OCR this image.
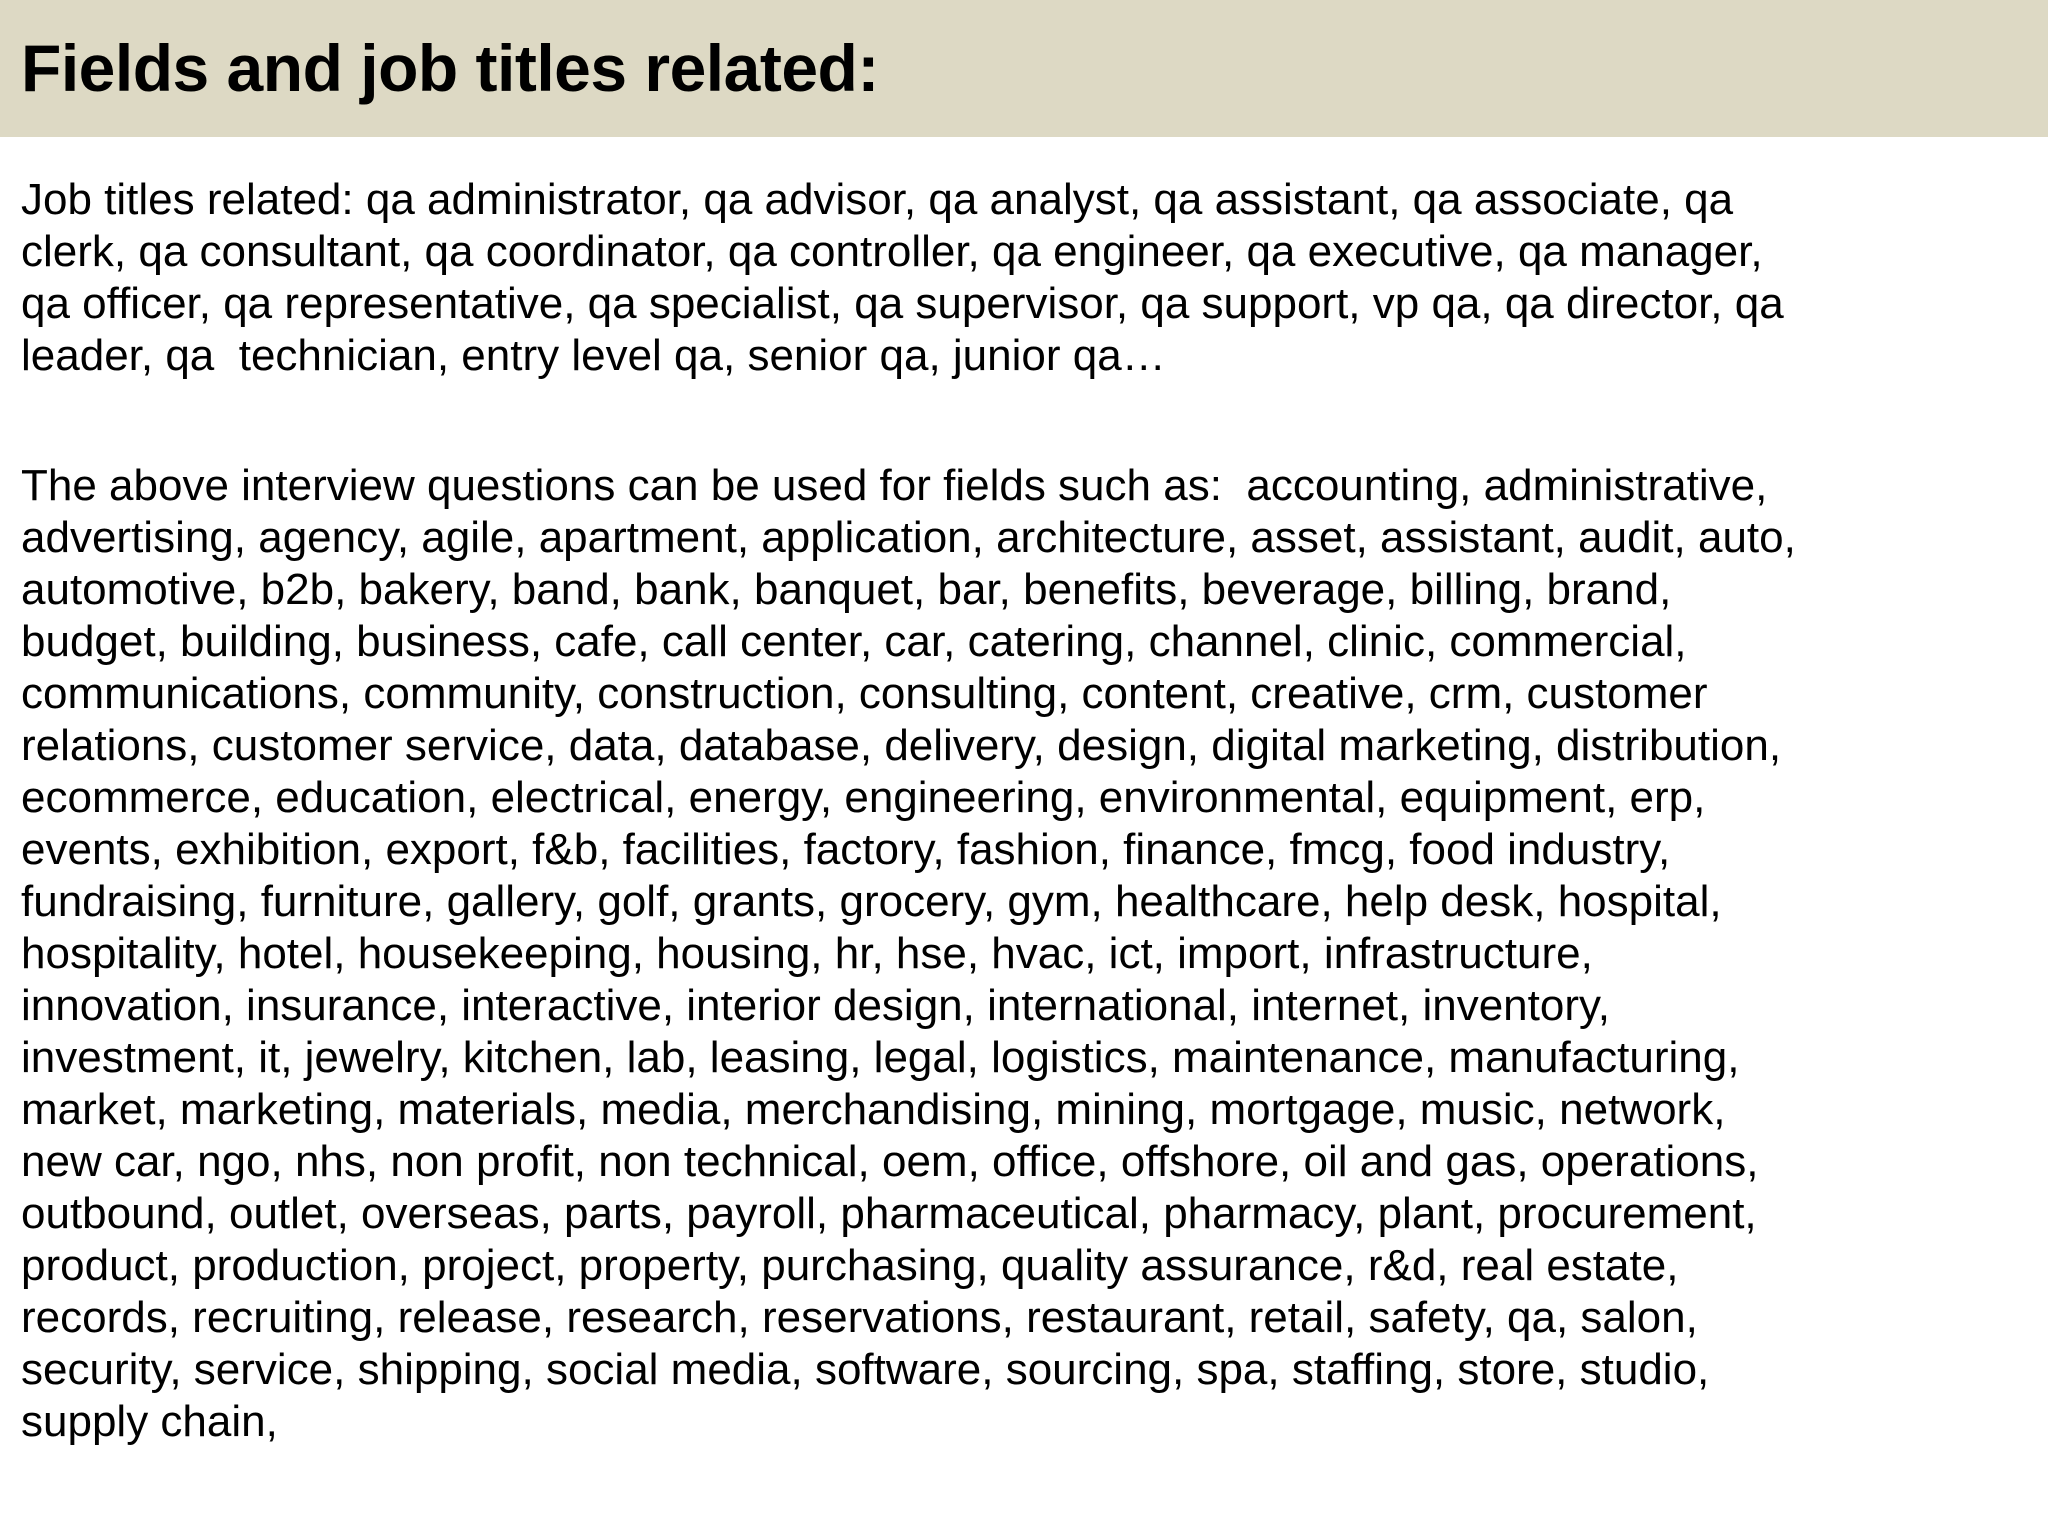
Fields and job titles related:

Job titles related: qa administrator, qa advisor, qa analyst, qa assistant, qa associate, qa
clerk, qa consultant, qa coordinator, qa controller, qa engineer, qa executive, qa manager,
qa officer, qa representative, qa specialist, qa supervisor, qa support, vp qa, qa director, qa
leader, qa  technician, entry level qa, senior qa, junior qa…

The above interview questions can be used for fields such as:  accounting, administrative,
advertising, agency, agile, apartment, application, architecture, asset, assistant, audit, auto,
automotive, b2b, bakery, band, bank, banquet, bar, benefits, beverage, billing, brand,
budget, building, business, cafe, call center, car, catering, channel, clinic, commercial,
communications, community, construction, consulting, content, creative, crm, customer
relations, customer service, data, database, delivery, design, digital marketing, distribution,
ecommerce, education, electrical, energy, engineering, environmental, equipment, erp,
events, exhibition, export, f&b, facilities, factory, fashion, finance, fmcg, food industry,
fundraising, furniture, gallery, golf, grants, grocery, gym, healthcare, help desk, hospital,
hospitality, hotel, housekeeping, housing, hr, hse, hvac, ict, import, infrastructure,
innovation, insurance, interactive, interior design, international, internet, inventory,
investment, it, jewelry, kitchen, lab, leasing, legal, logistics, maintenance, manufacturing,
market, marketing, materials, media, merchandising, mining, mortgage, music, network,
new car, ngo, nhs, non profit, non technical, oem, office, offshore, oil and gas, operations,
outbound, outlet, overseas, parts, payroll, pharmaceutical, pharmacy, plant, procurement,
product, production, project, property, purchasing, quality assurance, r&d, real estate,
records, recruiting, release, research, reservations, restaurant, retail, safety, qa, salon,
security, service, shipping, social media, software, sourcing, spa, staffing, store, studio,
supply chain,
